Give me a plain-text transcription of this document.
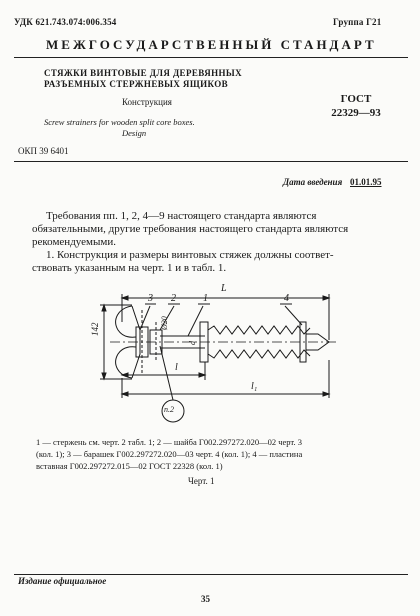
УДК 621.743.074:006.354	Группа Г21
МЕЖГОСУДАРСТВЕННЫЙ СТАНДАРТ
СТЯЖКИ ВИНТОВЫЕ ДЛЯ ДЕРЕВЯННЫХ
РАЗЪЕМНЫХ СТЕРЖНЕВЫХ ЯЩИКОВ
Конструкция
Screw strainers for wooden split core boxes.
Design
ГОСТ
22329—93
ОКП 39 6401
Дата введения 01.01.95
Требования пп. 1, 2, 4—9 настоящего стандарта являются
обязательными, другие требования настоящего стандарта являются
рекомендуемыми.
1. Конструкция и размеры винтовых стяжек должны соответ-
ствовать указанным на черт. 1 и в табл. 1.
L
3 2	1	4
142	Ø20
d
l
l₁
п.2
1 — стержень см. черт. 2 табл. 1; 2 — шайба Г002.297272.020—02 черт. 3
(кол. 1); 3 — барашек Г002.297272.020—03 черт. 4 (кол. 1); 4 — пластина
вставная Г002.297272.015—02 ГОСТ 22328 (кол. 1)
Черт. 1
Издание официальное
35
